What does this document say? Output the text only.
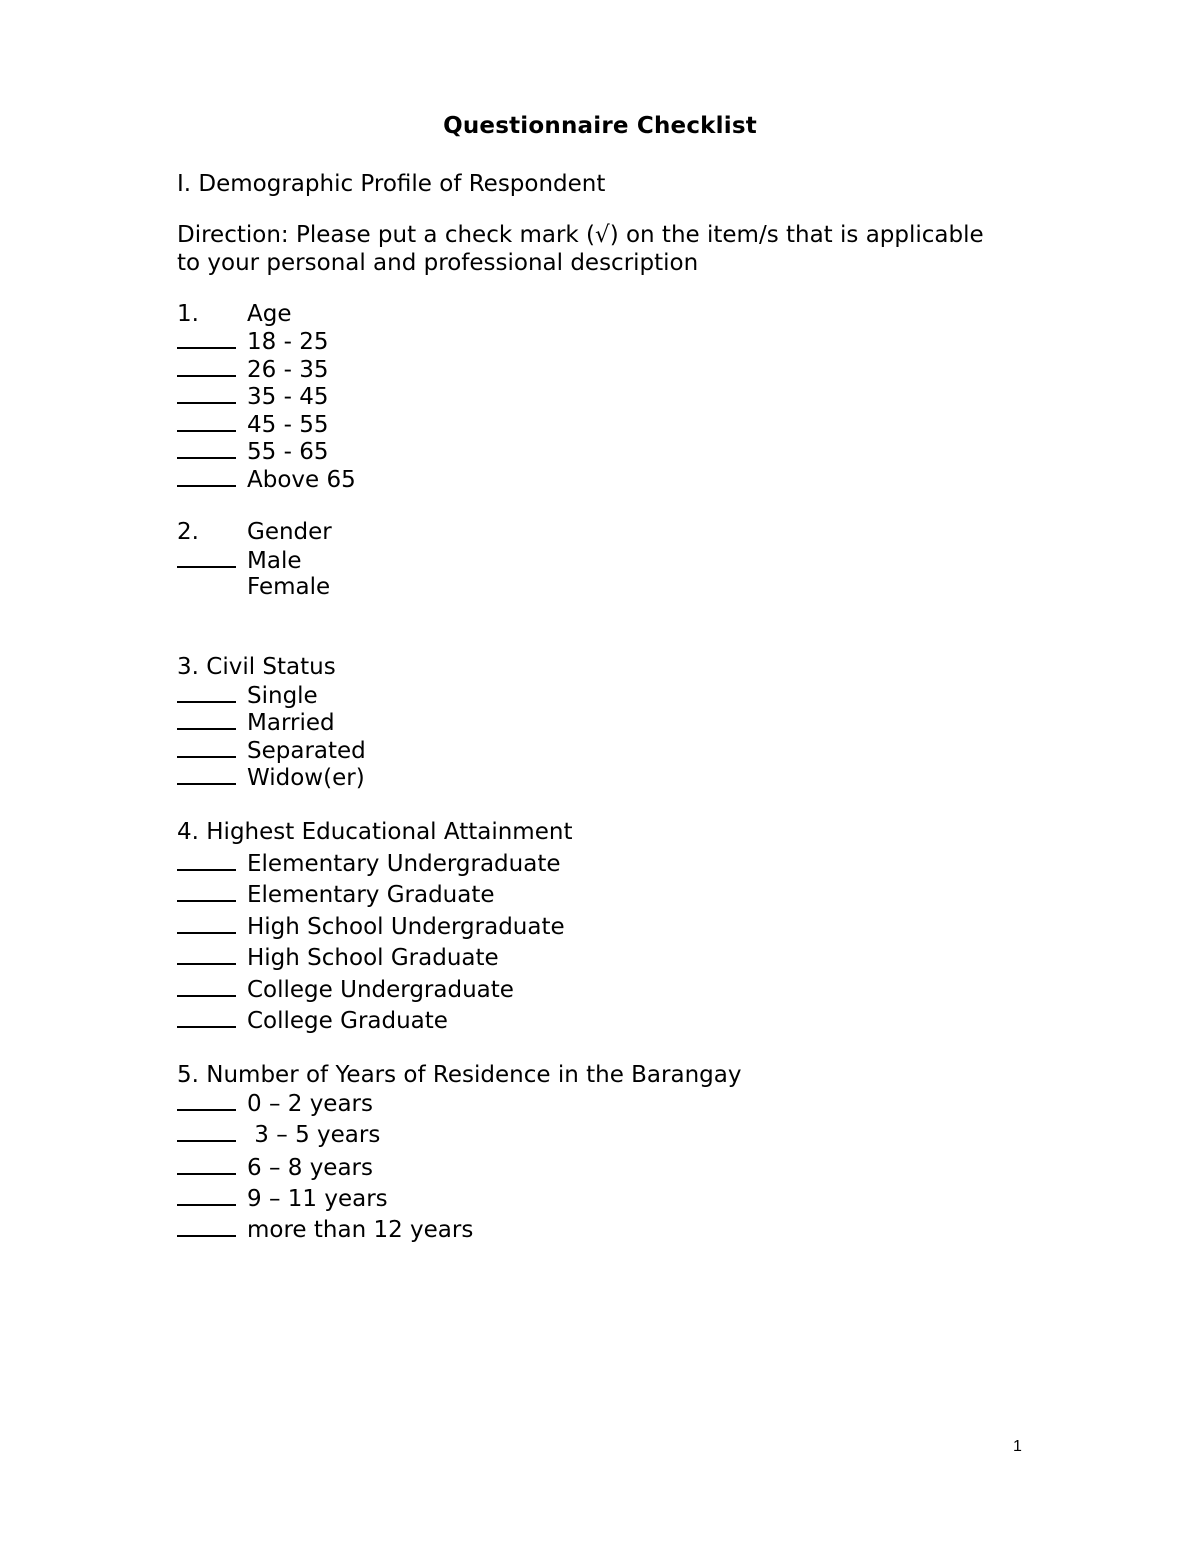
Questionnaire Checklist
I. Demographic Profile of Respondent
Direction: Please put a check mark (√) on the item/s that is applicable
to your personal and professional description
1. Age
18 - 25
26 - 35
35 - 45
45 - 55
55 - 65
Above 65
2. Gender
Male
Female
3. Civil Status
Single
Married
Separated
Widow(er)
4. Highest Educational Attainment
Elementary Undergraduate
Elementary Graduate
High School Undergraduate
High School Graduate
College Undergraduate
College Graduate
5. Number of Years of Residence in the Barangay
0 – 2 years
3 – 5 years
6 – 8 years
9 – 11 years
more than 12 years
1
